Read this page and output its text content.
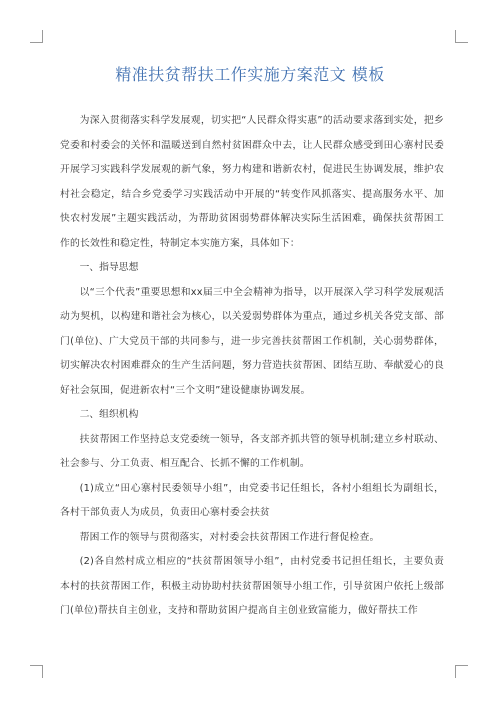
精准扶贫帮扶工作实施方案范文 模板

为深入贯彻落实科学发展观，切实把“人民群众得实惠”的活动要求落到实处，把乡党委和村委会的关怀和温暖送到自然村贫困群众中去，让人民群众感受到田心寨村民委开展学习实践科学发展观的新气象，努力构建和谐新农村，促进民生协调发展，维护农村社会稳定，结合乡党委学习实践活动中开展的“转变作风抓落实、提高服务水平、加快农村发展”主题实践活动，为帮助贫困弱势群体解决实际生活困难，确保扶贫帮困工作的长效性和稳定性，特制定本实施方案，具体如下：

一、指导思想

以“三个代表”重要思想和xx届三中全会精神为指导，以开展深入学习科学发展观活动为契机，以构建和谐社会为核心，以关爱弱势群体为重点，通过乡机关各党支部、部门(单位)、广大党员干部的共同参与，进一步完善扶贫帮困工作机制，关心弱势群体，切实解决农村困难群众的生产生活问题，努力营造扶贫帮困、团结互助、奉献爱心的良好社会氛围，促进新农村“三个文明”建设健康协调发展。

二、组织机构

扶贫帮困工作坚持总支党委统一领导，各支部齐抓共管的领导机制;建立乡村联动、社会参与、分工负责、相互配合、长抓不懈的工作机制。

(1)成立“田心寨村民委领导小组”，由党委书记任组长，各村小组组长为副组长，各村干部负责人为成员，负责田心寨村委会扶贫

帮困工作的领导与贯彻落实，对村委会扶贫帮困工作进行督促检查。

(2)各自然村成立相应的“扶贫帮困领导小组”，由村党委书记担任组长，主要负责本村的扶贫帮困工作，积极主动协助村扶贫帮困领导小组工作，引导贫困户依托上级部门(单位)帮扶自主创业，支持和帮助贫困户提高自主创业致富能力，做好帮扶工作
